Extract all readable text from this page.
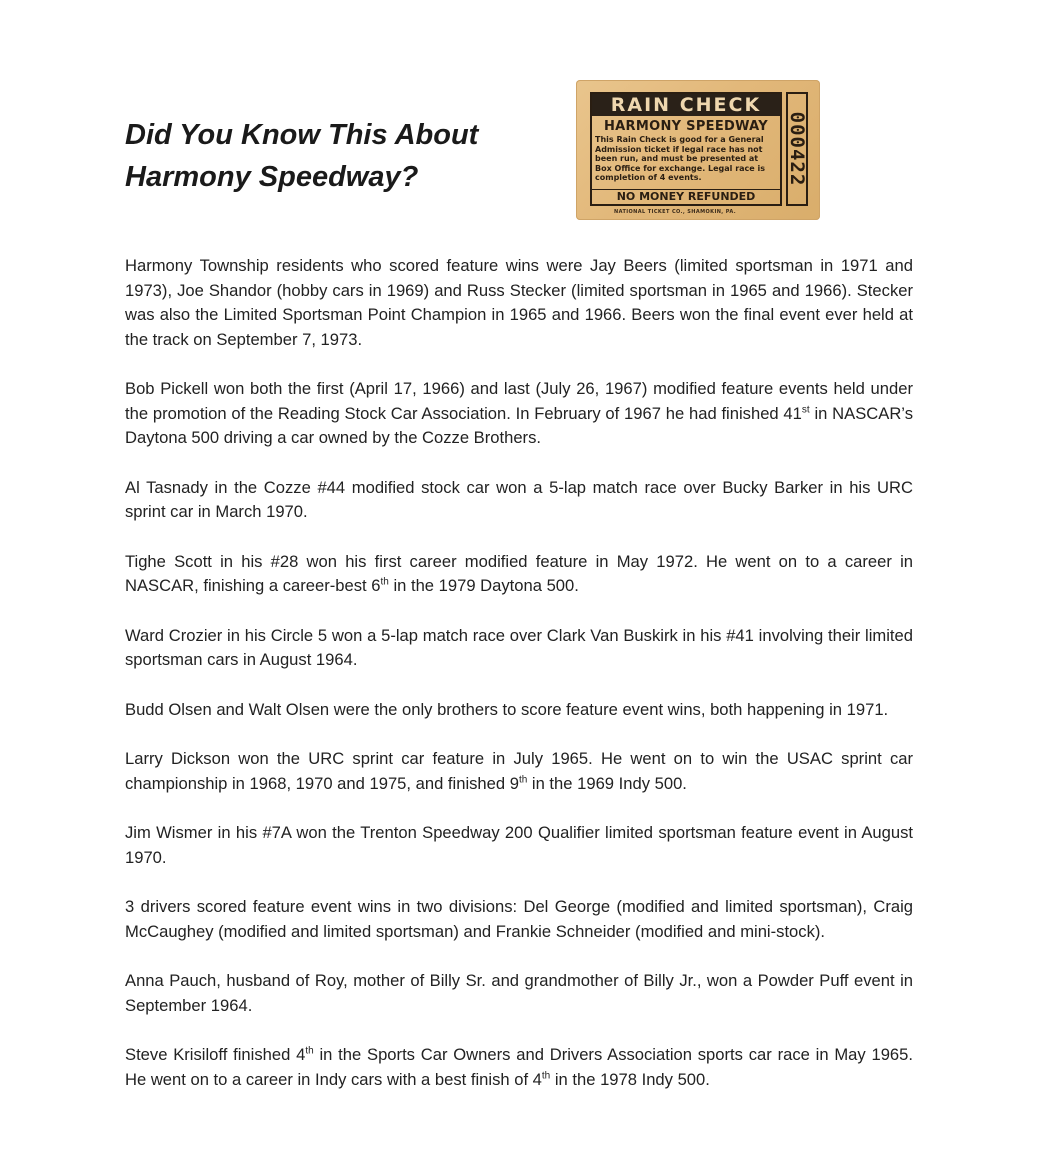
Did You Know This About
Harmony Speedway?
RAIN CHECK
HARMONY SPEEDWAY
This Rain Check is good for a General Admission ticket if legal race has not been run, and must be presented at Box Office for exchange. Legal race is completion of 4 events.
NO MONEY REFUNDED
000422
NATIONAL TICKET CO., SHAMOKIN, PA.

Harmony Township residents who scored feature wins were Jay Beers (limited sportsman in 1971 and 1973), Joe Shandor (hobby cars in 1969) and Russ Stecker (limited sportsman in 1965 and 1966). Stecker was also the Limited Sportsman Point Champion in 1965 and 1966. Beers won the final event ever held at the track on September 7, 1973.

Bob Pickell won both the first (April 17, 1966) and last (July 26, 1967) modified feature events held under the promotion of the Reading Stock Car Association. In February of 1967 he had finished 41st in NASCAR’s Daytona 500 driving a car owned by the Cozze Brothers.

Al Tasnady in the Cozze #44 modified stock car won a 5-lap match race over Bucky Barker in his URC sprint car in March 1970.

Tighe Scott in his #28 won his first career modified feature in May 1972. He went on to a career in NASCAR, finishing a career-best 6th in the 1979 Daytona 500.

Ward Crozier in his Circle 5 won a 5-lap match race over Clark Van Buskirk in his #41 involving their limited sportsman cars in August 1964.

Budd Olsen and Walt Olsen were the only brothers to score feature event wins, both happening in 1971.

Larry Dickson won the URC sprint car feature in July 1965. He went on to win the USAC sprint car championship in 1968, 1970 and 1975, and finished 9th in the 1969 Indy 500.

Jim Wismer in his #7A won the Trenton Speedway 200 Qualifier limited sportsman feature event in August 1970.

3 drivers scored feature event wins in two divisions: Del George (modified and limited sportsman), Craig McCaughey (modified and limited sportsman) and Frankie Schneider (modified and mini-stock).

Anna Pauch, husband of Roy, mother of Billy Sr. and grandmother of Billy Jr., won a Powder Puff event in September 1964.

Steve Krisiloff finished 4th in the Sports Car Owners and Drivers Association sports car race in May 1965. He went on to a career in Indy cars with a best finish of 4th in the 1978 Indy 500.
